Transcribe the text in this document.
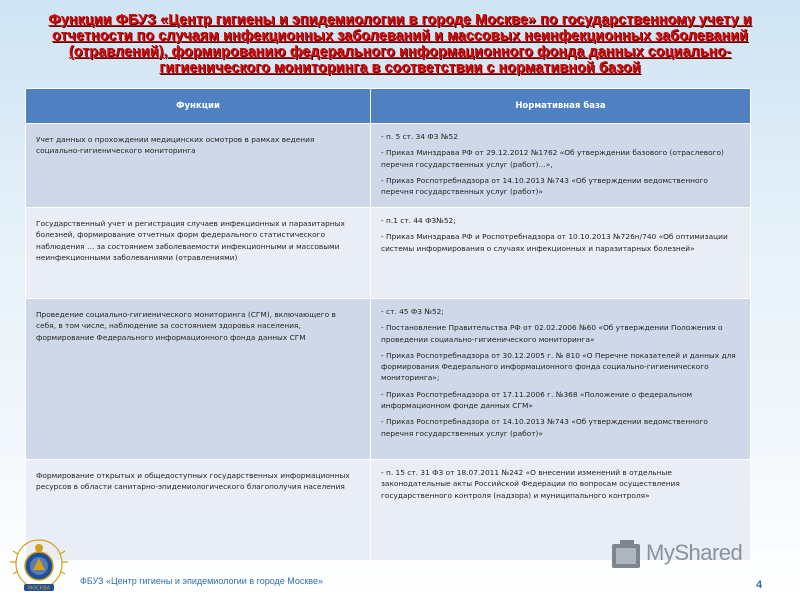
Функции ФБУЗ «Центр гигиены и эпидемиологии в городе Москве» по государственному учету и отчетности по случаям инфекционных заболеваний и массовых неинфекционных заболеваний (отравлений), формированию федерального информационного фонда данных социально-гигиенического мониторинга в соответствии с нормативной базой
Функции	Нормативная база
Учет данных о прохождении медицинских осмотров в рамках ведения социально-гигиенического мониторинга	- п. 5 ст. 34 ФЗ №52
- Приказ Минздрава РФ от 29.12.2012 №1762 «Об утверждении базового (отраслевого) перечня государственных услуг (работ)…»,
- Приказ Роспотребнадзора от 14.10.2013 №743 «Об утверждении ведомственного перечня государственных услуг (работ)»

Государственный учет и регистрация случаев инфекционных и паразитарных болезней, формирование отчетных форм федерального статистического наблюдения … за состоянием заболеваемости инфекционными и массовыми неинфекционными заболеваниями (отравлениями)	- п.1 ст. 44 ФЗ№52;
- Приказ Минздрава РФ и Роспотребнадзора от 10.10.2013 №726н/740 «Об оптимизации системы информирования о случаях инфекционных и паразитарных болезней»

Проведение социально-гигиенического мониторинга (СГМ), включающего в себя, в том числе, наблюдение за состоянием здоровья населения, формирование Федерального информационного фонда данных СГМ	- ст. 45 ФЗ №52;
- Постановление Правительства РФ от 02.02.2006 №60 «Об утверждении Положения о проведении социально-гигиенического мониторинга»
- Приказ Роспотребнадзора от 30.12.2005 г. № 810 «О Перечне показателей и данных для формирования Федерального информационного фонда социально-гигиенического мониторинга»;
- Приказ Роспотребнадзора от 17.11.2006 г. №368 «Положение о федеральном информационном фонде данных СГМ»
- Приказ Роспотребнадзора от 14.10.2013 №743 «Об утверждении ведомственного перечня государственных услуг (работ)»

Формирование открытых и общедоступных государственных информационных ресурсов в области санитарно-эпидемиологического благополучия населения	- п. 15 ст. 31 ФЗ от 18.07.2011 №242 «О внесении изменений в отдельные законодательные акты Российской Федерации по вопросам осуществления государственного контроля (надзора) и муниципального контроля»
МОСКВА
ФБУЗ «Центр гигиены и эпидемиологии в городе Москве»
MyShared
4
